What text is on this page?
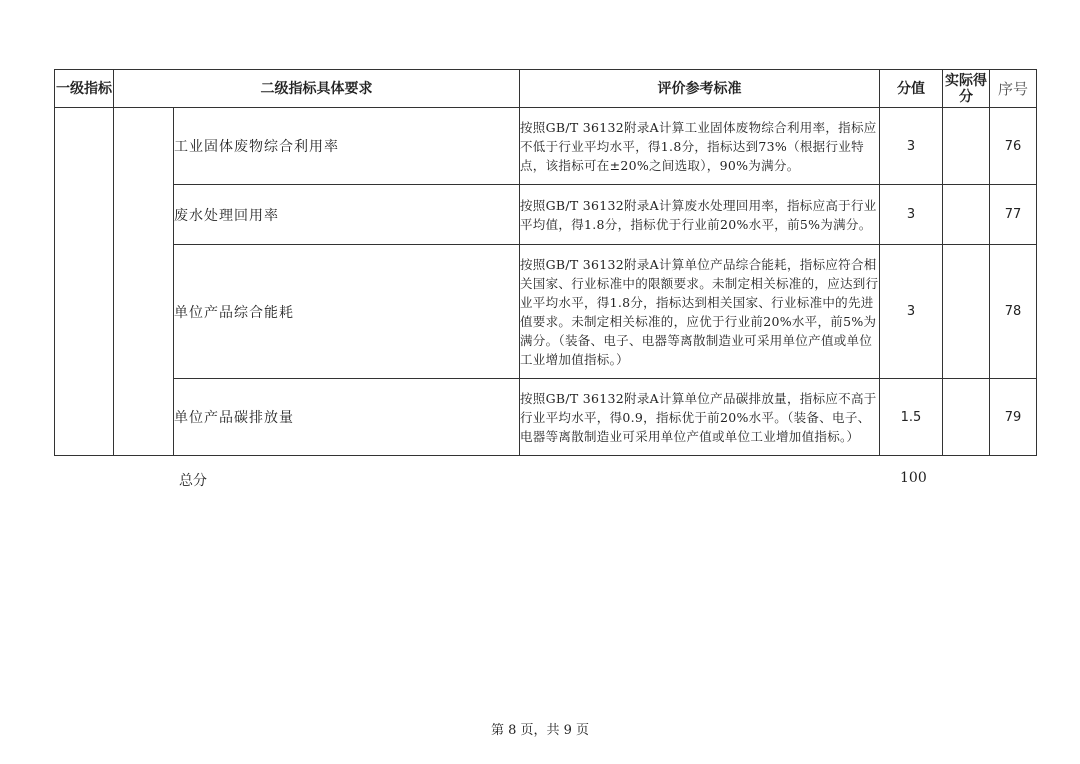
一级指标	二级指标具体要求		评价参考标准	分值	实际得分	序号
		工业固体废物综合利用率	按照GB/T 36132附录A计算工业固体废物综合利用率，指标应不低于行业平均水平，得1.8分，指标达到73%（根据行业特点，该指标可在±20%之间选取），90%为满分。	3		76
		废水处理回用率	按照GB/T 36132附录A计算废水处理回用率，指标应高于行业平均值，得1.8分，指标优于行业前20%水平，前5%为满分。	3		77
		单位产品综合能耗	按照GB/T 36132附录A计算单位产品综合能耗，指标应符合相关国家、行业标准中的限额要求。未制定相关标准的，应达到行业平均水平，得1.8分，指标达到相关国家、行业标准中的先进值要求。未制定相关标准的，应优于行业前20%水平，前5%为满分。（装备、电子、电器等离散制造业可采用单位产值或单位工业增加值指标。）	3		78
		单位产品碳排放量	按照GB/T 36132附录A计算单位产品碳排放量，指标应不高于行业平均水平，得0.9，指标优于前20%水平。（装备、电子、电器等离散制造业可采用单位产值或单位工业增加值指标。）	1.5		79
总分	100
第 8 页，共 9 页
